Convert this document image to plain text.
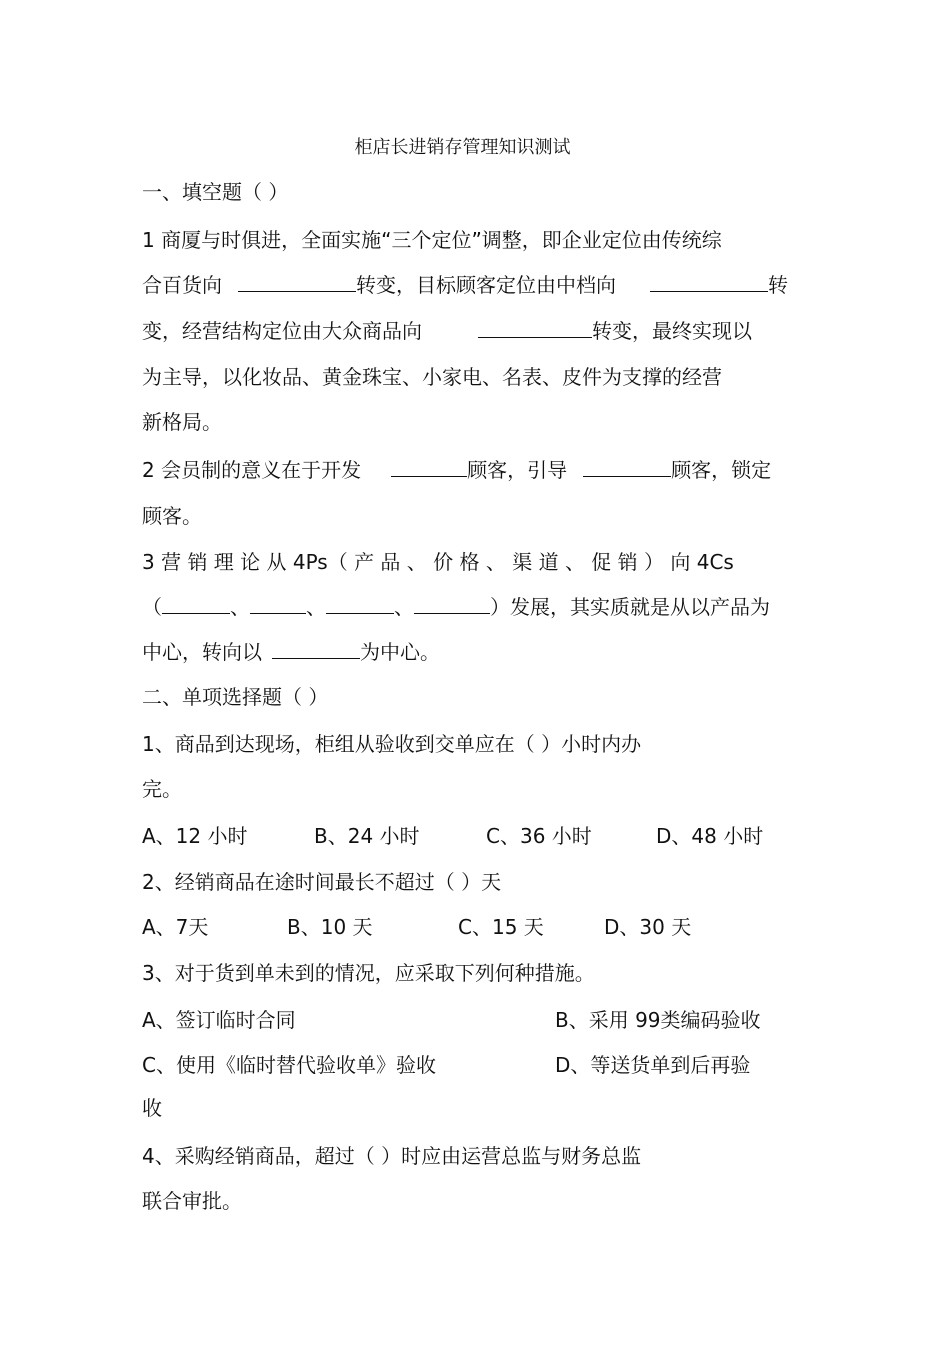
柜店长进销存管理知识测试
一、填空题（ ）
1 商厦与时俱进，全面实施“三个定位”调整，即企业定位由传统综
合百货向	转变，目标顾客定位由中档向	转
变，经营结构定位由大众商品向	转变，最终实现以
为主导，以化妆品、黄金珠宝、小家电、名表、皮件为支撑的经营
新格局。
2 会员制的意义在于开发	顾客，引导	顾客，锁定
顾客。
3 营 销 理 论 从 4Ps（ 产 品 、 价 格 、 渠 道 、 促 销 ） 向 4Cs
（	、	、	、	）发展，其实质就是从以产品为
中心，转向以	为中心。
二、单项选择题（ ）
1、商品到达现场，柜组从验收到交单应在（ ）小时内办
完。
A、12 小时	B、24 小时	C、36 小时	D、48 小时
2、经销商品在途时间最长不超过（ ）天
A、7天	B、10 天	C、15 天	D、30 天
3、对于货到单未到的情况，应采取下列何种措施。
A、签订临时合同	B、采用 99类编码验收
C、使用《临时替代验收单》验收	D、等送货单到后再验
收
4、采购经销商品，超过（ ）时应由运营总监与财务总监
联合审批。
